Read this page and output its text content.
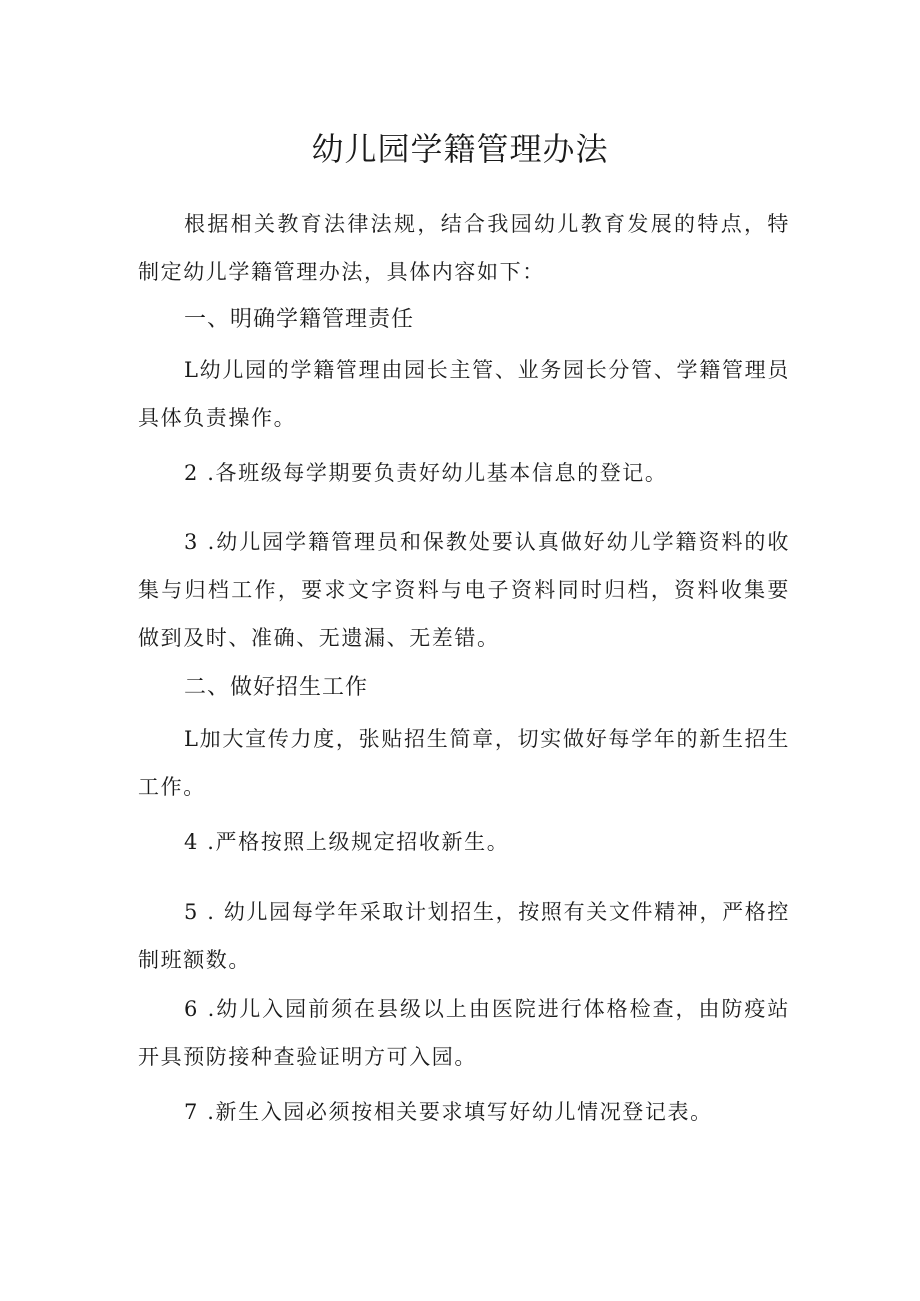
幼儿园学籍管理办法
根据相关教育法律法规，结合我园幼儿教育发展的特点，特制定幼儿学籍管理办法，具体内容如下：
一、明确学籍管理责任
L幼儿园的学籍管理由园长主管、业务园长分管、学籍管理员具体负责操作。
2 .各班级每学期要负责好幼儿基本信息的登记。
3 .幼儿园学籍管理员和保教处要认真做好幼儿学籍资料的收集与归档工作，要求文字资料与电子资料同时归档，资料收集要做到及时、准确、无遗漏、无差错。
二、做好招生工作
L加大宣传力度，张贴招生简章，切实做好每学年的新生招生工作。
4 .严格按照上级规定招收新生。
5 . 幼儿园每学年采取计划招生，按照有关文件精神，严格控制班额数。
6 .幼儿入园前须在县级以上由医院进行体格检查，由防疫站开具预防接种查验证明方可入园。
7 .新生入园必须按相关要求填写好幼儿情况登记表。
